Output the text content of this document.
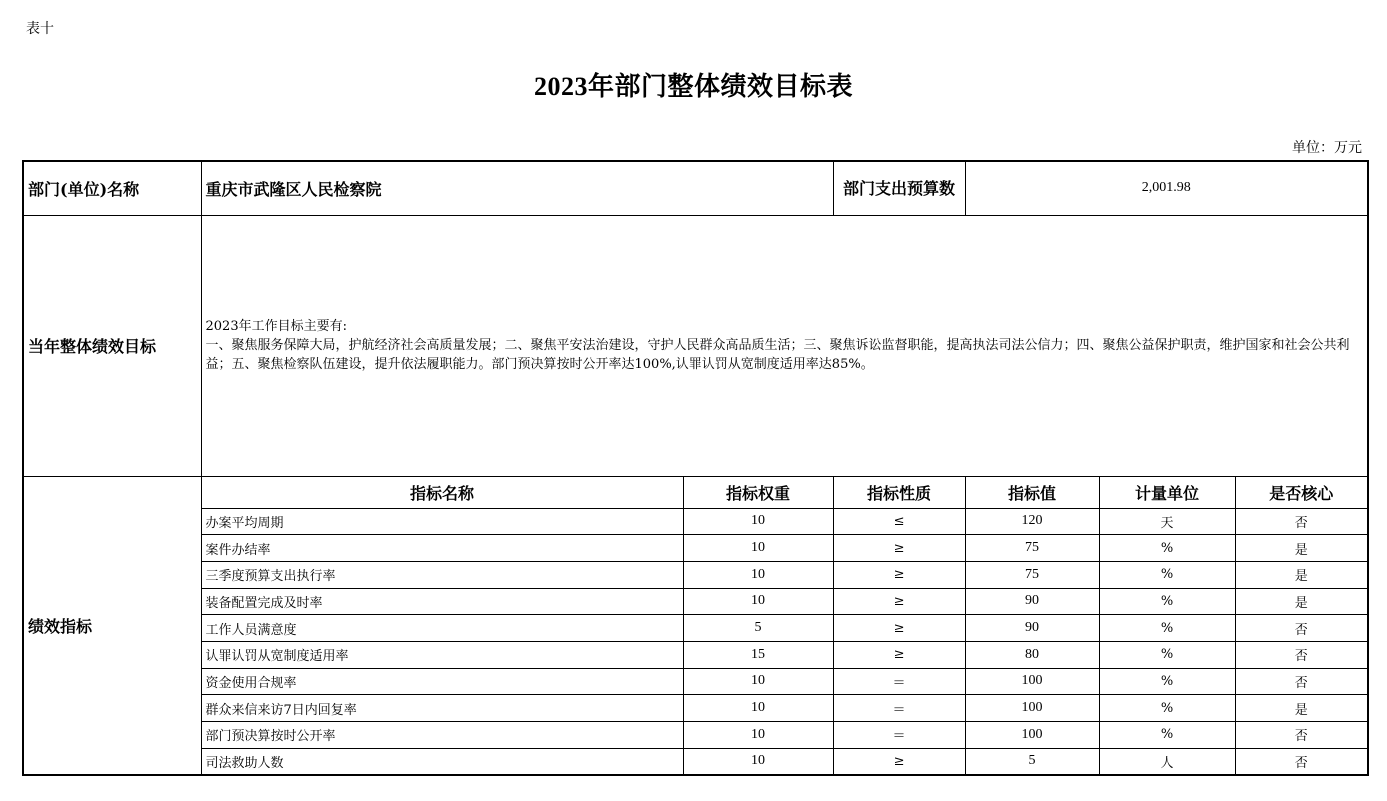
表十
2023年部门整体绩效目标表
单位：万元
部门(单位)名称	重庆市武隆区人民检察院		部门支出预算数	2,001.98		
当年整体绩效目标	2023年工作目标主要有:
一、聚焦服务保障大局，护航经济社会高质量发展；二、聚焦平安法治建设，守护人民群众高品质生活；三、聚焦诉讼监督职能，提高执法司法公信力；四、聚焦公益保护职责，维护国家和社会公共利益；五、聚焦检察队伍建设，提升依法履职能力。部门预决算按时公开率达100%,认罪认罚从宽制度适用率达85%。					
绩效指标	指标名称	指标权重	指标性质	指标值	计量单位	是否核心
	办案平均周期	10	≤	120	天	否
	案件办结率	10	≥	75	%	是
	三季度预算支出执行率	10	≥	75	%	是
	装备配置完成及时率	10	≥	90	%	是
	工作人员满意度	5	≥	90	%	否
	认罪认罚从宽制度适用率	15	≥	80	%	否
	资金使用合规率	10	＝	100	%	否
	群众来信来访7日内回复率	10	＝	100	%	是
	部门预决算按时公开率	10	＝	100	%	否
	司法救助人数	10	≥	5	人	否
